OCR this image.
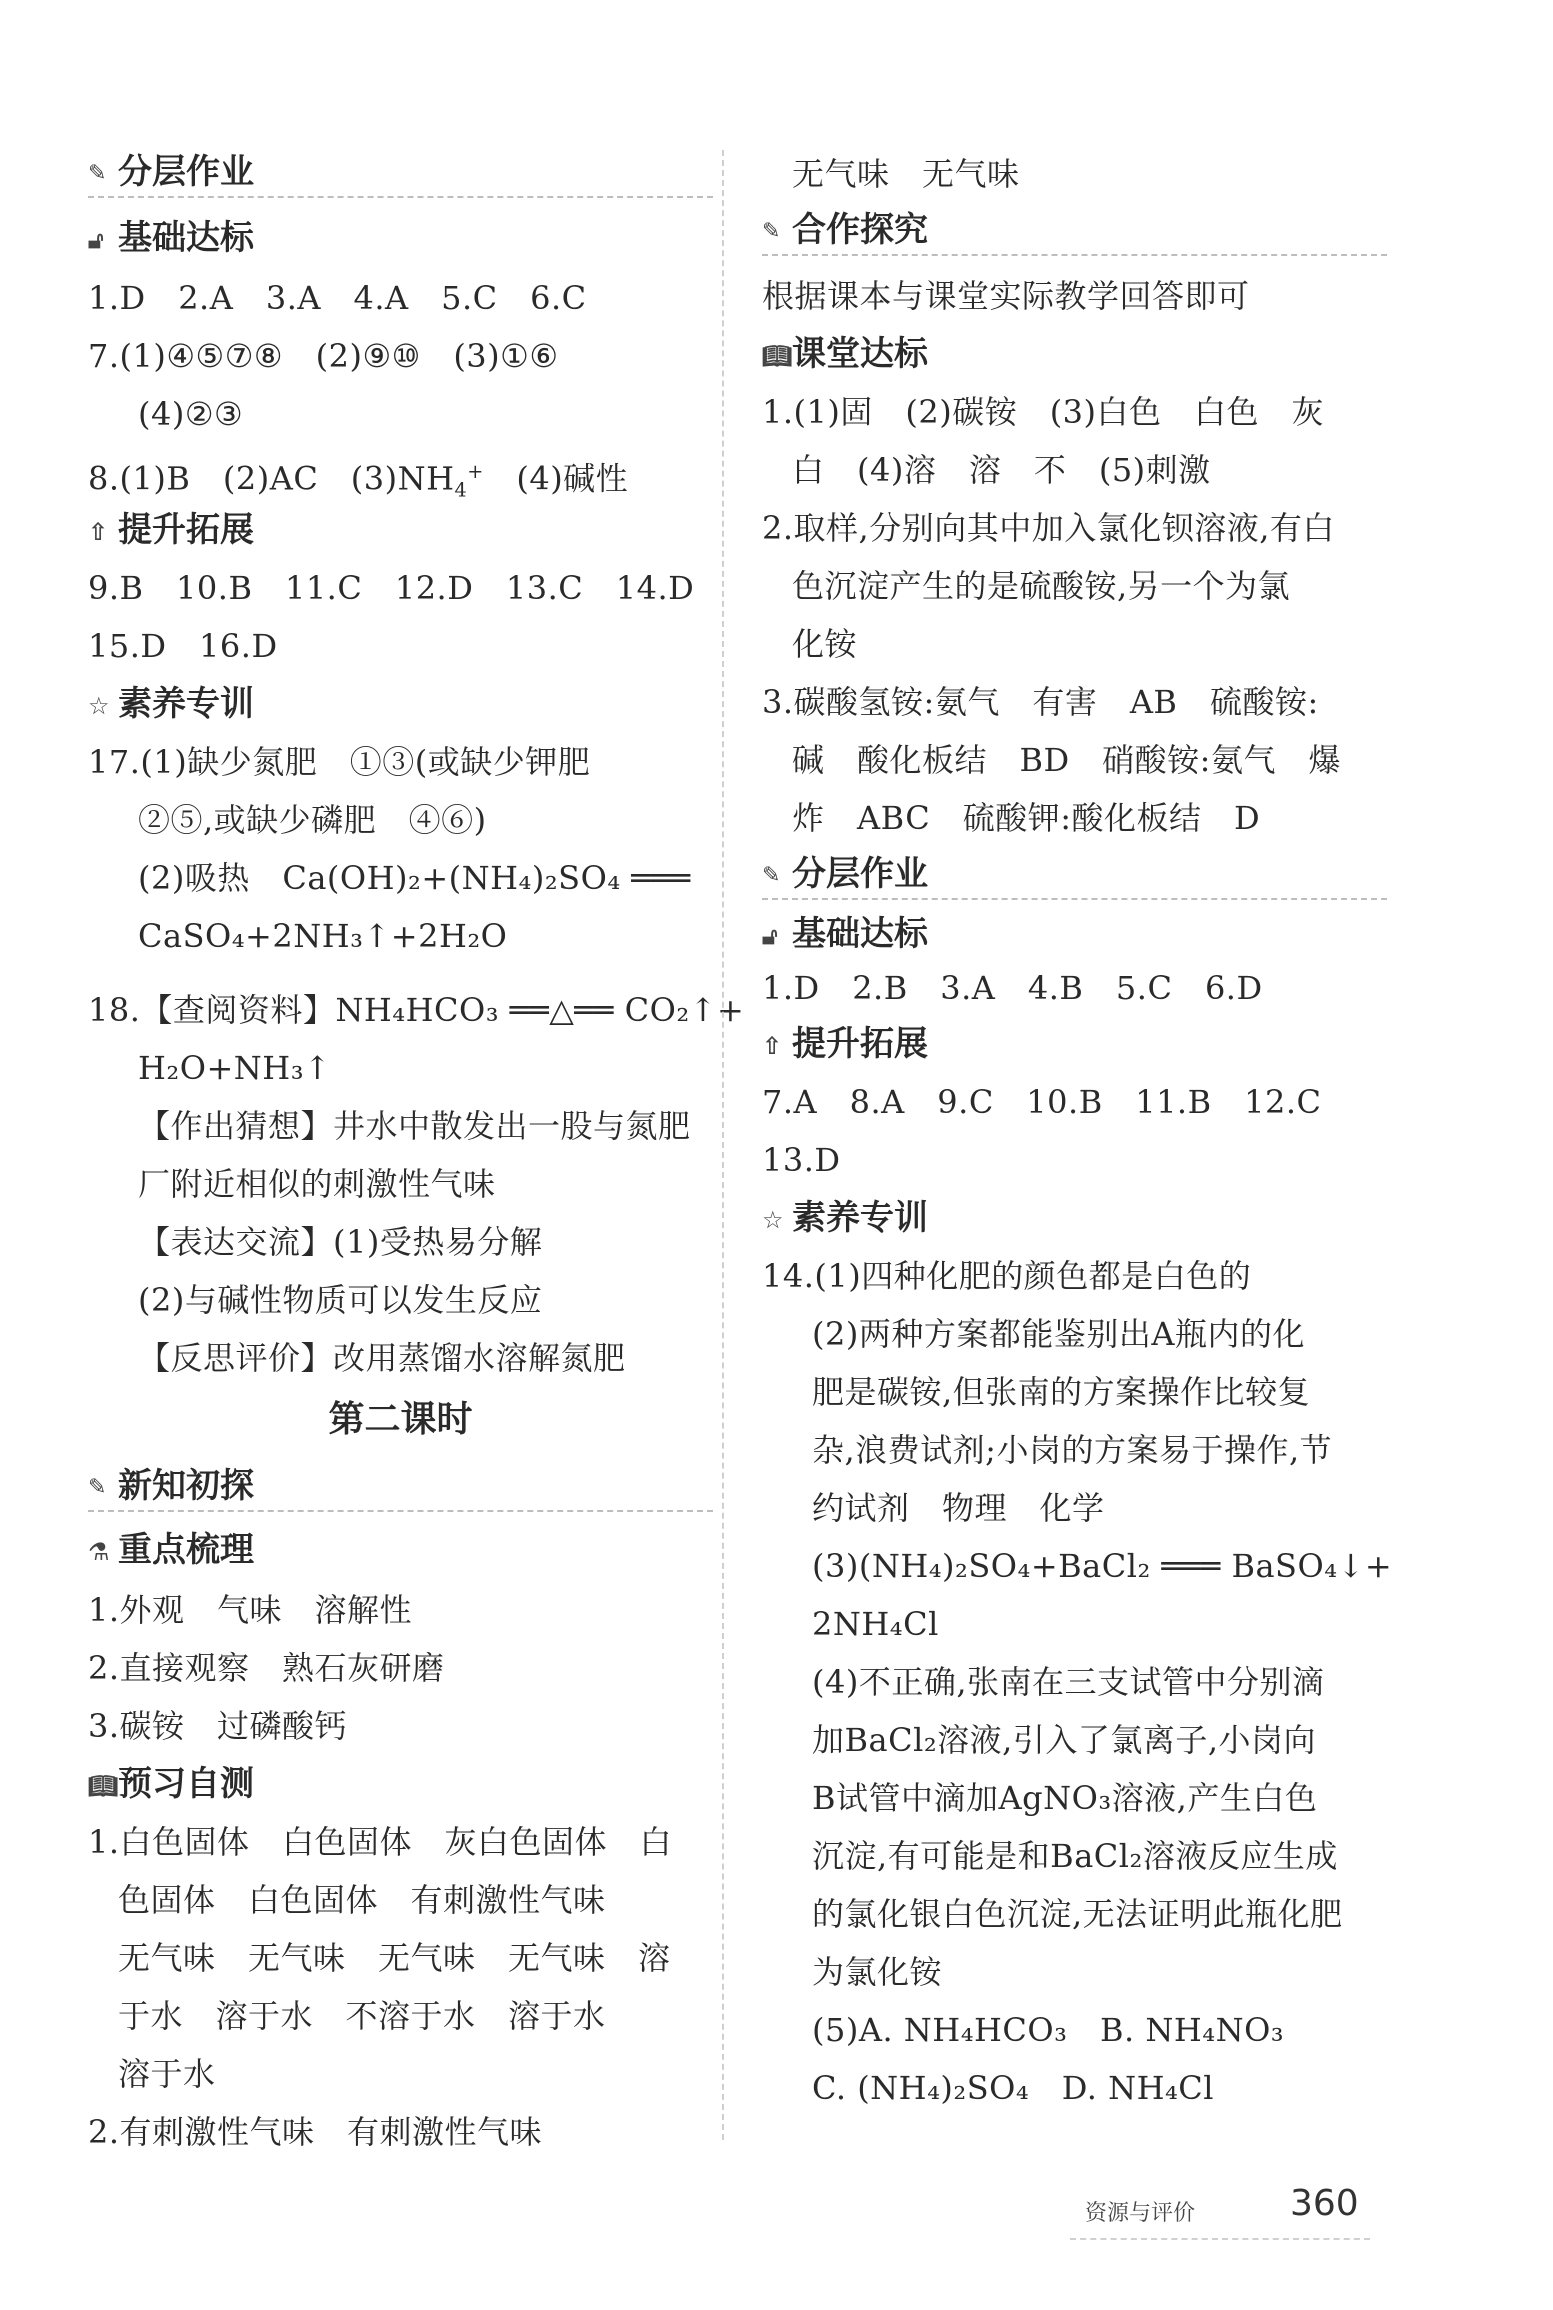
✎ 分层作业
🔓︎ 基础达标
1.D　2.A　3.A　4.A　5.C　6.C
7.(1)④⑤⑦⑧　(2)⑨⑩　(3)①⑥
(4)②③
8.(1)B　(2)AC　$(3)NH_4^+$　(4)碱性
⇧ 提升拓展
9.B　10.B　11.C　12.D　13.C　14.D
15.D　16.D
☆ 素养专训
17.(1)缺少氮肥　①③(或缺少钾肥
②⑤,或缺少磷肥　④⑥)
(2)吸热　Ca(OH)₂+(NH₄)₂SO₄ ═══
CaSO₄+2NH₃↑+2H₂O
18.【查阅资料】NH₄HCO₃ ══△══ CO₂↑+
H₂O+NH₃↑
【作出猜想】井水中散发出一股与氮肥
厂附近相似的刺激性气味
【表达交流】(1)受热易分解
(2)与碱性物质可以发生反应
【反思评价】改用蒸馏水溶解氮肥
第二课时
✎ 新知初探
⚗︎ 重点梳理
1.外观　气味　溶解性
2.直接观察　熟石灰研磨
3.碳铵　过磷酸钙
📖︎预习自测
1.白色固体　白色固体　灰白色固体　白
色固体　白色固体　有刺激性气味
无气味　无气味　无气味　无气味　溶
于水　溶于水　不溶于水　溶于水
溶于水
2.有刺激性气味　有刺激性气味
无气味　无气味
✎ 合作探究
根据课本与课堂实际教学回答即可
📖︎课堂达标
1.(1)固　(2)碳铵　(3)白色　白色　灰
白　(4)溶　溶　不　(5)刺激
2.取样,分别向其中加入氯化钡溶液,有白
色沉淀产生的是硫酸铵,另一个为氯
化铵
3.碳酸氢铵:氨气　有害　AB　硫酸铵:
碱　酸化板结　BD　硝酸铵:氨气　爆
炸　ABC　硫酸钾:酸化板结　D
✎ 分层作业
🔓︎ 基础达标
1.D　2.B　3.A　4.B　5.C　6.D
⇧ 提升拓展
7.A　8.A　9.C　10.B　11.B　12.C
13.D
☆ 素养专训
14.(1)四种化肥的颜色都是白色的
(2)两种方案都能鉴别出A瓶内的化
肥是碳铵,但张南的方案操作比较复
杂,浪费试剂;小岗的方案易于操作,节
约试剂　物理　化学
(3)(NH₄)₂SO₄+BaCl₂ ═══ BaSO₄↓+
2NH₄Cl
(4)不正确,张南在三支试管中分别滴
加BaCl₂溶液,引入了氯离子,小岗向
B试管中滴加AgNO₃溶液,产生白色
沉淀,有可能是和BaCl₂溶液反应生成
的氯化银白色沉淀,无法证明此瓶化肥
为氯化铵
(5)A. NH₄HCO₃　B. NH₄NO₃
C. (NH₄)₂SO₄　D. NH₄Cl
资源与评价	360
